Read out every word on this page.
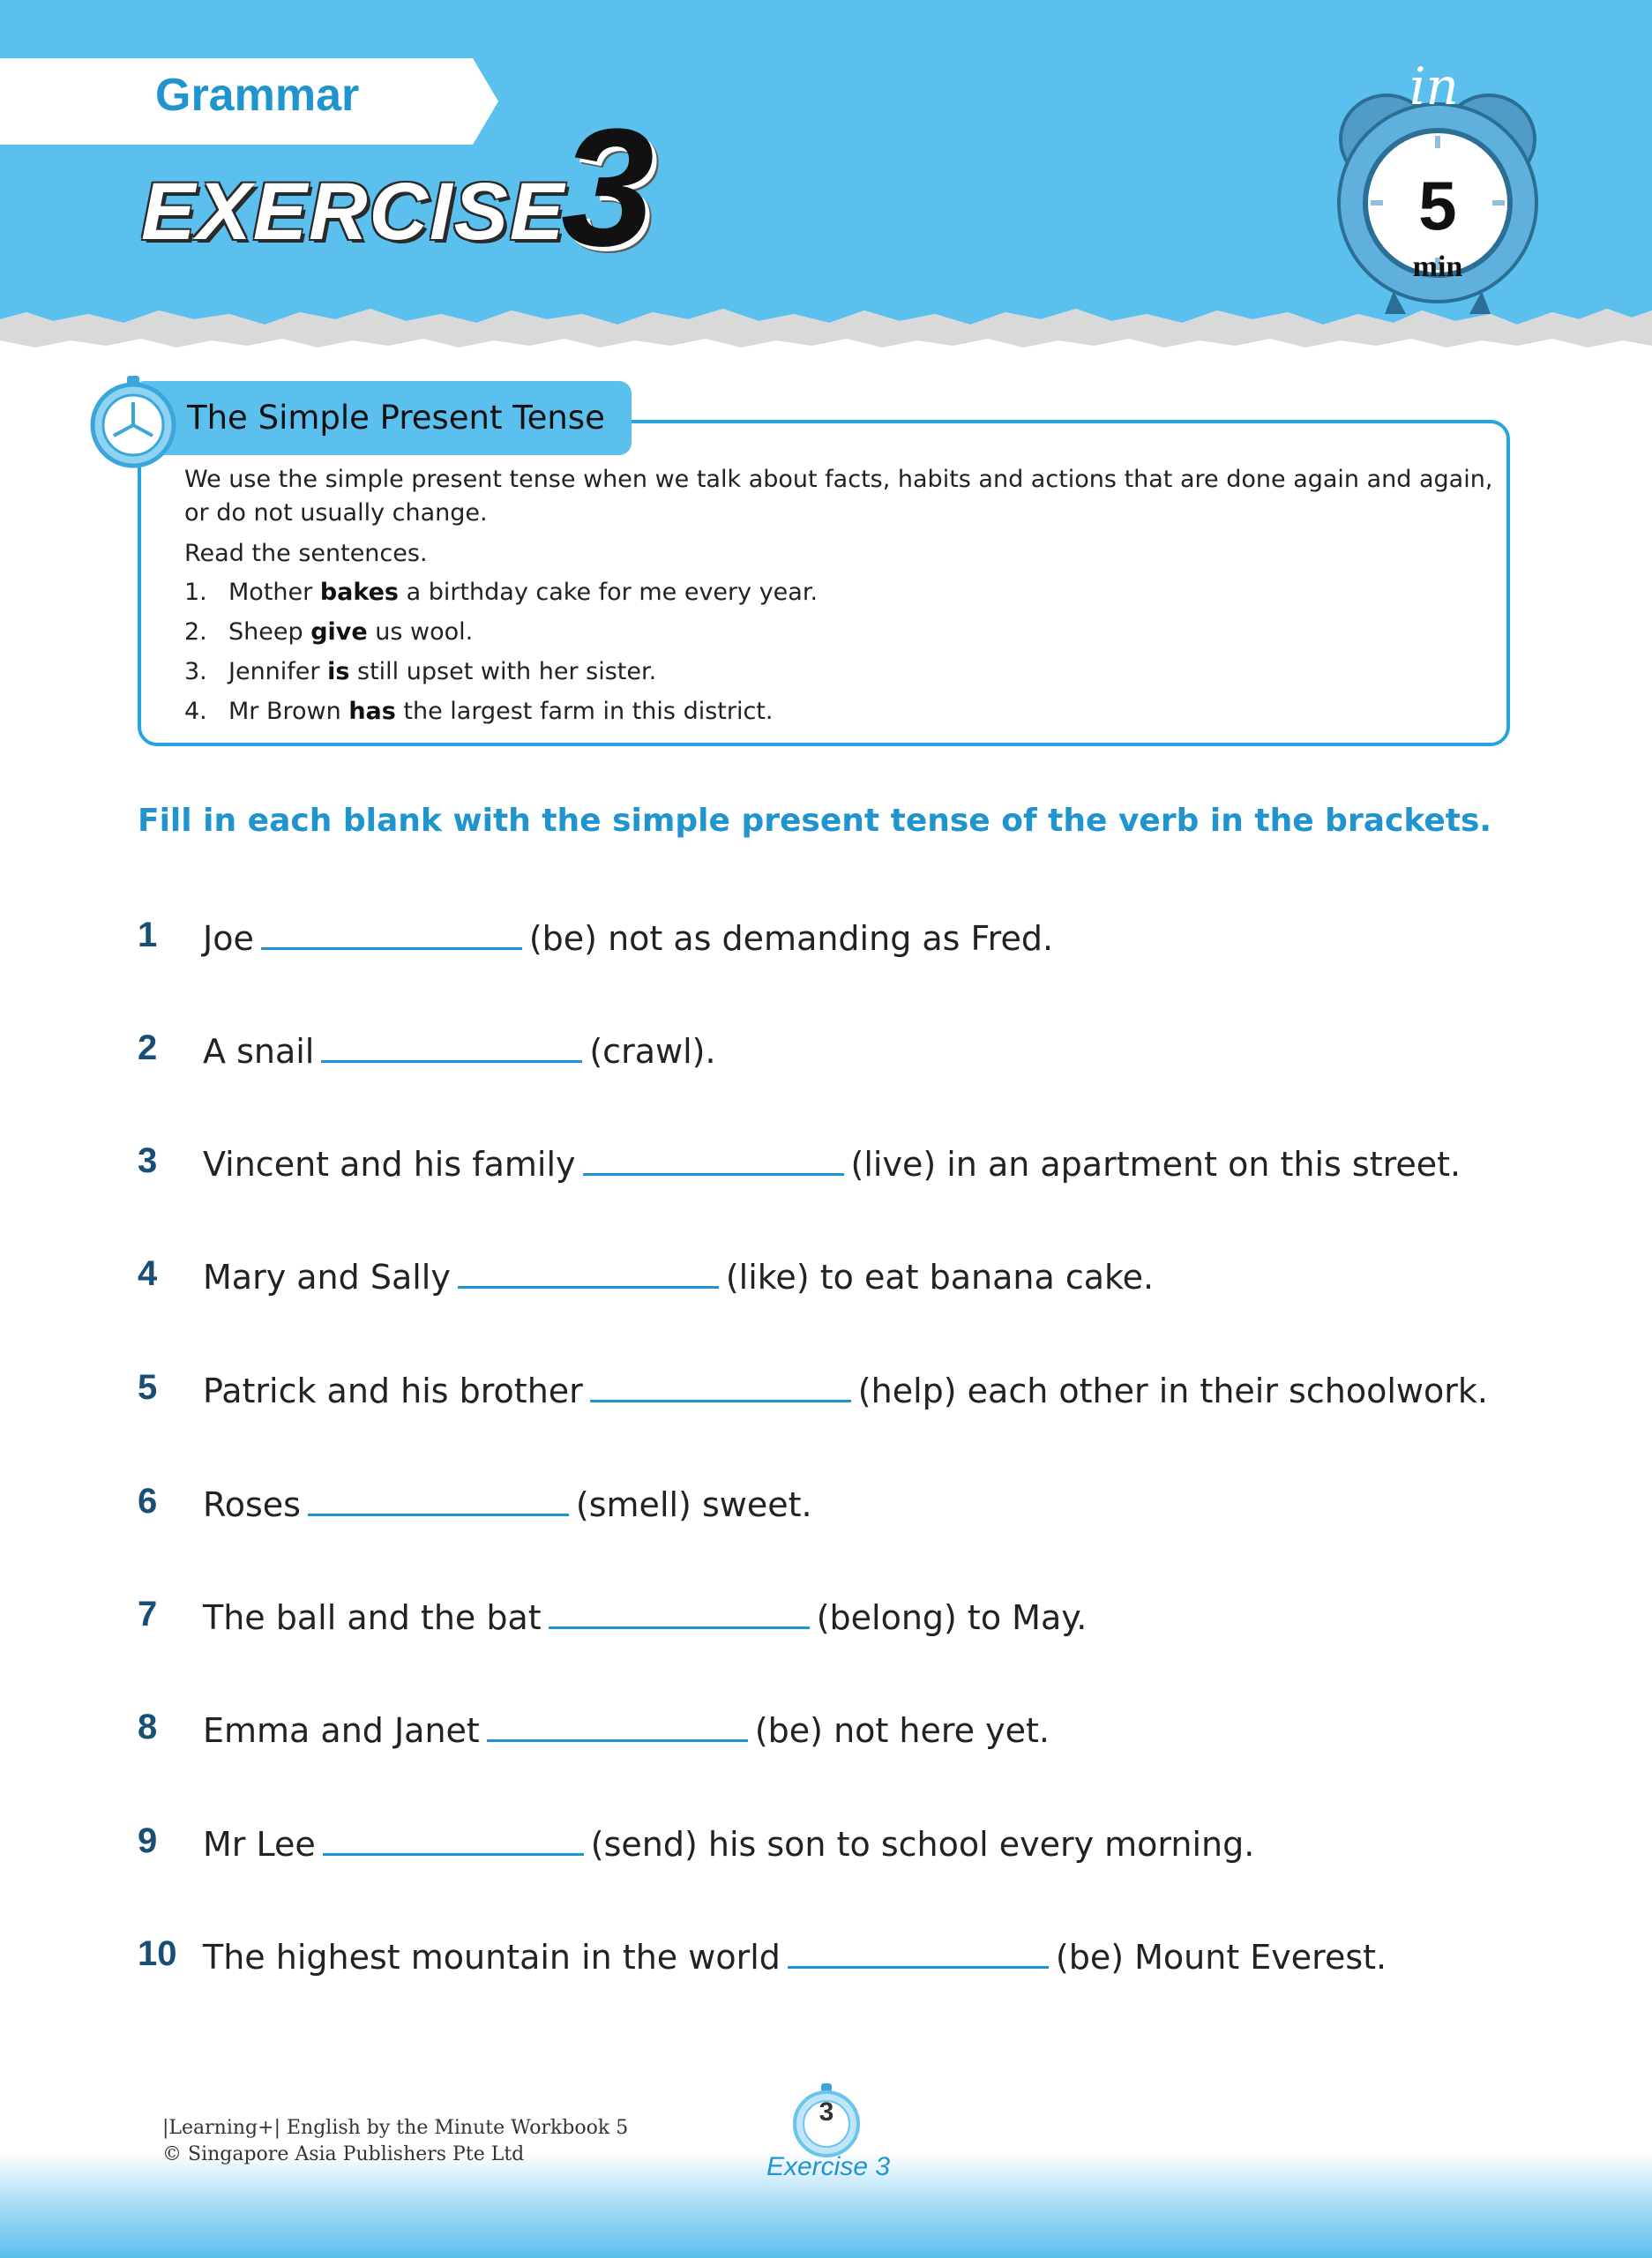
Grammar
EXERCISE
3
in
5
min
The Simple Present Tense
We use the simple present tense when we talk about facts, habits and actions that are done again and again,
or do not usually change.
Read the sentences.
1. Mother bakes a birthday cake for me every year.
2. Sheep give us wool.
3. Jennifer is still upset with her sister.
4. Mr Brown has the largest farm in this district.
Fill in each blank with the simple present tense of the verb in the brackets.
1 Joe	(be) not as demanding as Fred.
2 A snail	(crawl).
3 Vincent and his family	(live) in an apartment on this street.
4 Mary and Sally	(like) to eat banana cake.
5 Patrick and his brother	(help) each other in their schoolwork.
6 Roses	(smell) sweet.
7 The ball and the bat	(belong) to May.
8 Emma and Janet	(be) not here yet.
9 Mr Lee	(send) his son to school every morning.
10 The highest mountain in the world	(be) Mount Everest.
|Learning+| English by the Minute Workbook 5
© Singapore Asia Publishers Pte Ltd
3
Exercise 3
